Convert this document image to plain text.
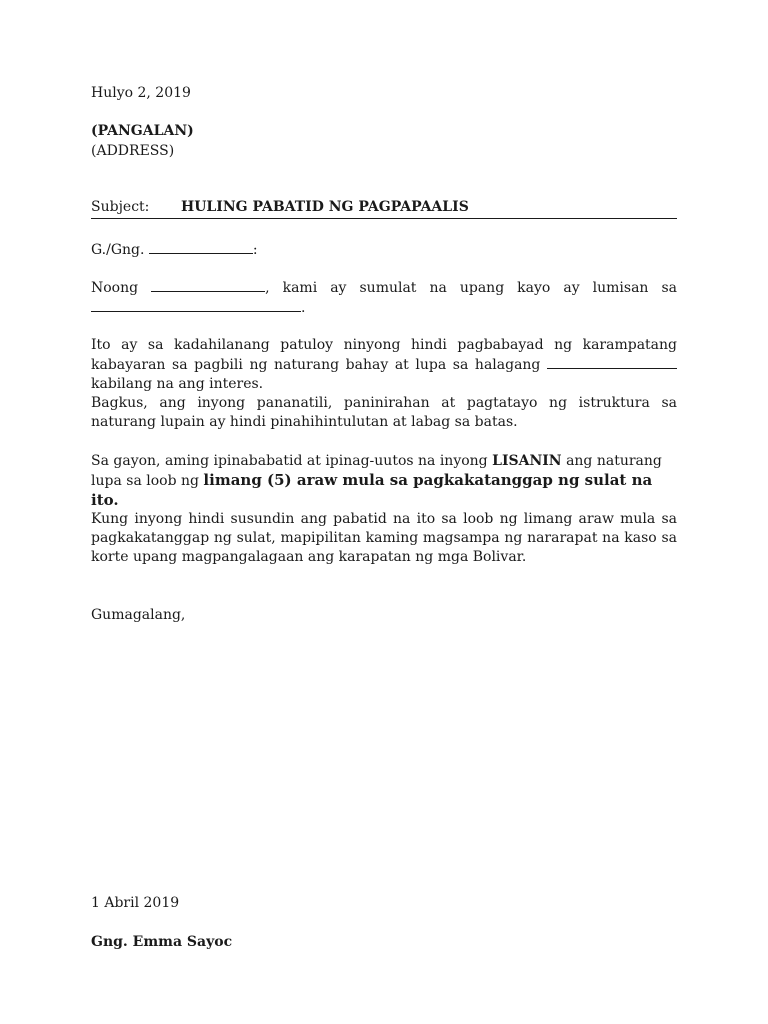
Hulyo 2, 2019

(PANGALAN)

(ADDRESS)

Subject:	HULING PABATID NG PAGPAPAALIS

G./Gng.	:

Noong	, kami ay sumulat na upang kayo ay lumisan sa
.

Ito ay sa kadahilanang patuloy ninyong hindi pagbabayad ng karampatang kabayaran sa pagbili ng naturang bahay at lupa sa halagang  kabilang na ang interes.

Bagkus, ang inyong pananatili, paninirahan at pagtatayo ng istruktura sa naturang lupain ay hindi pinahihintulutan at labag sa batas.

Sa gayon, aming ipinababatid at ipinag-uutos na inyong LISANIN ang naturang lupa sa loob ng limang (5) araw mula sa pagkakatanggap ng sulat na ito.

Kung inyong hindi susundin ang pabatid na ito sa loob ng limang araw mula sa pagkakatanggap ng sulat, mapipilitan kaming magsampa ng nararapat na kaso sa korte upang magpangalagaan ang karapatan ng mga Bolivar.

Gumagalang,

1 Abril 2019

Gng. Emma Sayoc
